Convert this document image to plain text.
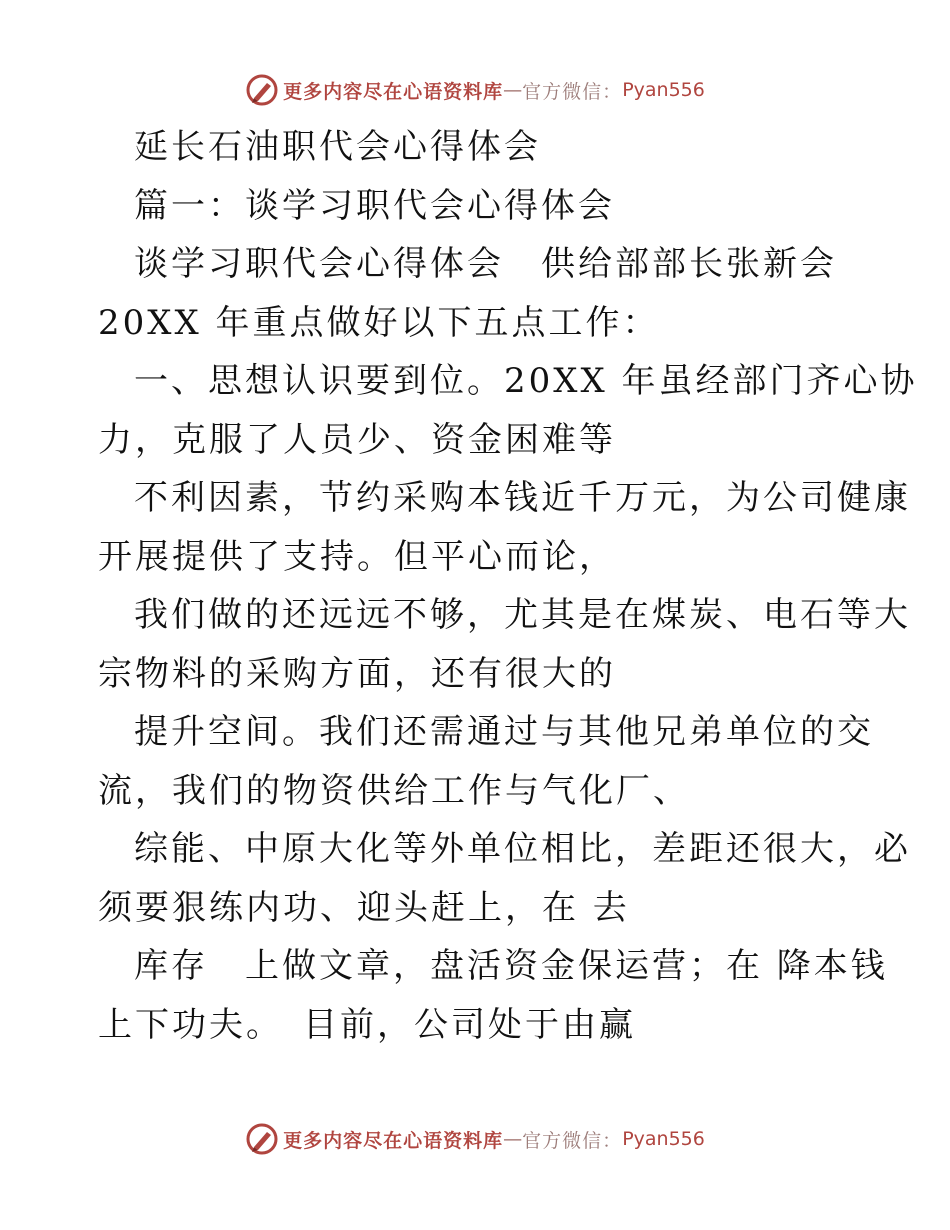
更多内容尽在心语资料库 — 官方微信： Pyan556
延长石油职代会心得体会
篇一：谈学习职代会心得体会
谈学习职代会心得体会　供给部部长张新会
20XX 年重点做好以下五点工作：
一、思想认识要到位。20XX 年虽经部门齐心协
力，克服了人员少、资金困难等
不利因素，节约采购本钱近千万元，为公司健康
开展提供了支持。但平心而论，
我们做的还远远不够，尤其是在煤炭、电石等大
宗物料的采购方面，还有很大的
提升空间。我们还需通过与其他兄弟单位的交
流，我们的物资供给工作与气化厂、
综能、中原大化等外单位相比，差距还很大，必
须要狠练内功、迎头赶上，在 去
库存　上做文章，盘活资金保运营；在 降本钱
上下功夫。　目前，公司处于由赢
更多内容尽在心语资料库 — 官方微信： Pyan556
